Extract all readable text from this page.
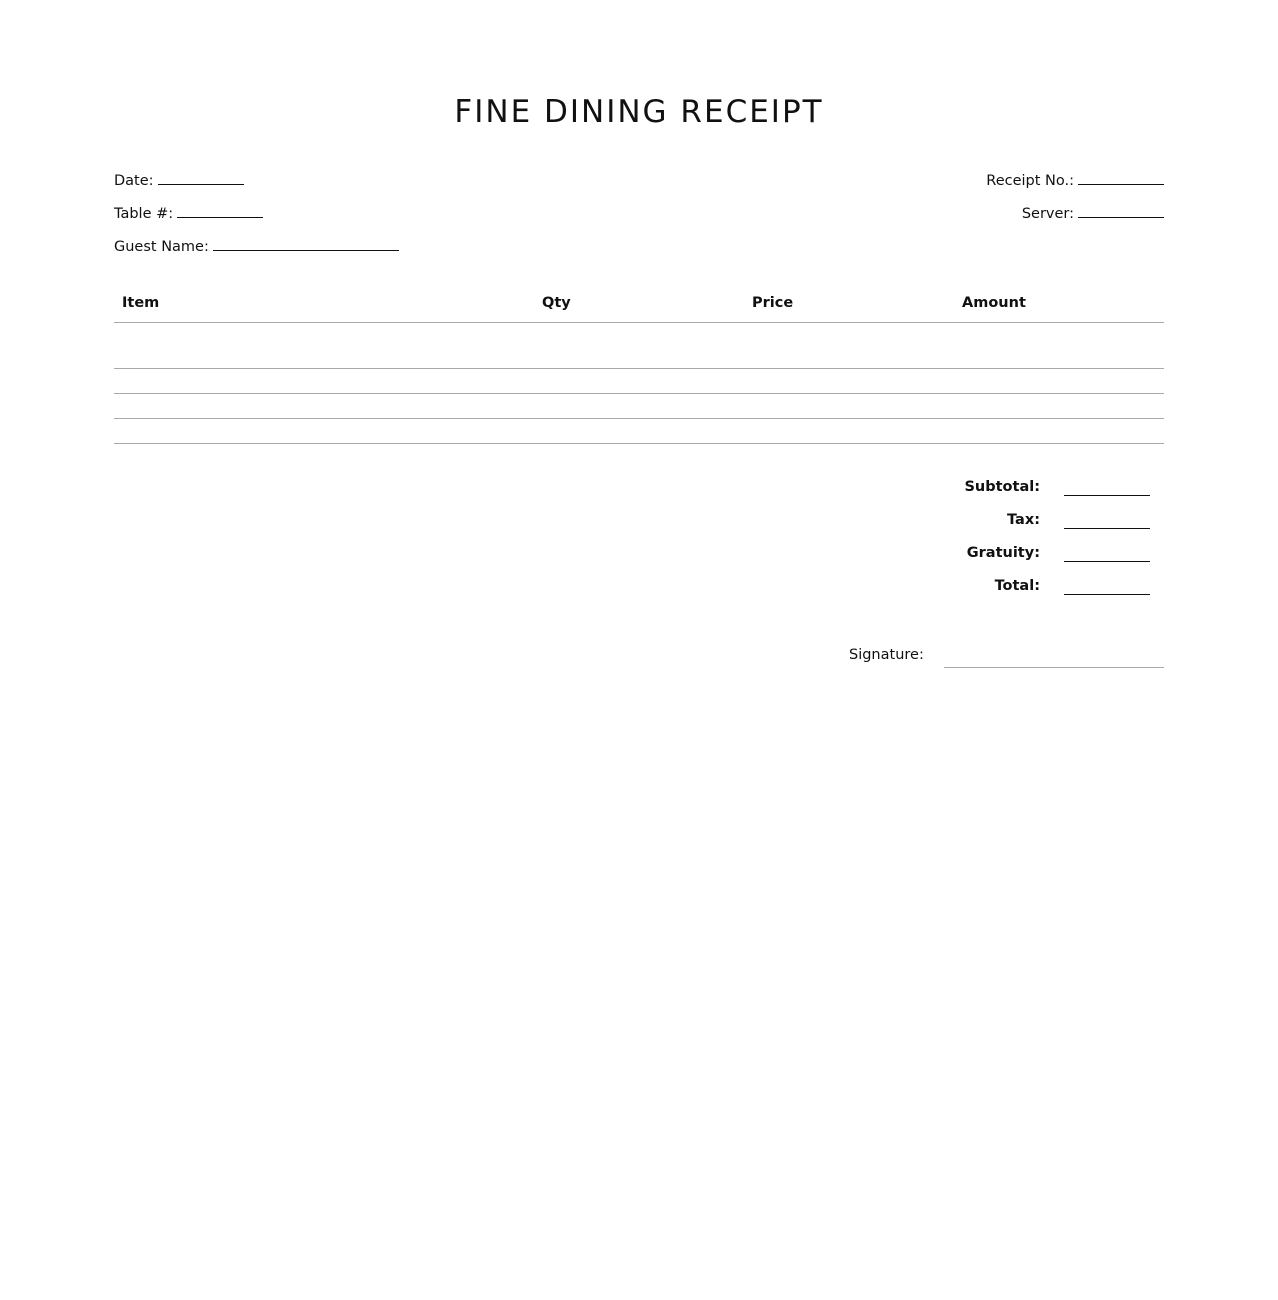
FINE DINING RECEIPT
Date:
Table #:
Guest Name:
Receipt No.:
Server:
Item	Qty	Price	Amount

Subtotal:
Tax:
Gratuity:
Total:
Signature:
